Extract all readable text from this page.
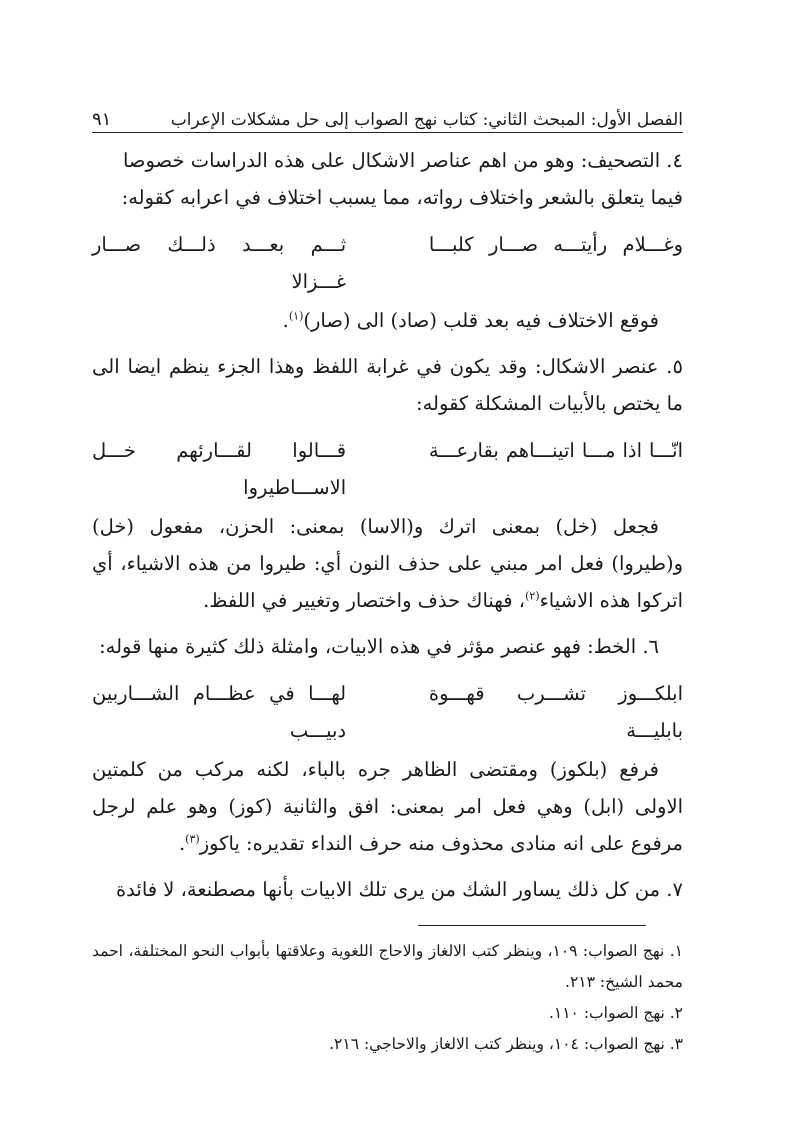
الفصل الأول: المبحث الثاني: كتاب نهج الصواب إلى حل مشكلات الإعراب
٩١

٤. التصحيف: وهو من اهم عناصر الاشكال على هذه الدراسات خصوصا

فيما يتعلق بالشعر واختلاف رواته، مما يسبب اختلاف في اعرابه كقوله:

وغـــلام رأيتـــه صـــار كلبـــا
ثـــم بعـــد ذلـــك صـــار غـــزالا

فوقع الاختلاف فيه بعد قلب (صاد) الى (صار)$^{(١)}$.

٥. عنصر الاشكال: وقد يكون في غرابة اللفظ وهذا الجزء ينظم ايضا الى ما يختص بالأبيات المشكلة كقوله:

انّـــا اذا مـــا اتينـــاهم بقارعـــة
قـــالوا لقـــارئهم خـــل الاســـاطيروا

فجعل (خل) بمعنى اترك و(الاسا) بمعنى: الحزن، مفعول (خل) و(طيروا) فعل امر مبني على حذف النون أي: طيروا من هذه الاشياء، أي اتركوا هذه الاشياء$^{(٢)}$، فهناك حذف واختصار وتغيير في اللفظ.

٦. الخط: فهو عنصر مؤثر في هذه الابيات، وامثلة ذلك كثيرة منها قوله:

ابلكـــوز تشـــرب قهـــوة بابليـــة
لهـــا في عظـــام الشـــاربين دبيـــب

فرفع (بلكوز) ومقتضى الظاهر جره بالباء، لكنه مركب من كلمتين الاولى (ابل) وهي فعل امر بمعنى: افق والثانية (كوز) وهو علم لرجل مرفوع على انه منادى محذوف منه حرف النداء تقديره: ياكوز$^{(٣)}$.

٧. من كل ذلك يساور الشك من يرى تلك الابيات بأنها مصطنعة، لا فائدة

١. نهج الصواب: ١٠٩، وينظر كتب الالغاز والاحاج اللغوية وعلاقتها بأبواب النحو المختلفة، احمد محمد الشيخ: ٢١٣.

٢. نهج الصواب: ١١٠.

٣. نهج الصواب: ١٠٤، وينظر كتب الالغاز والاحاجي: ٢١٦.
